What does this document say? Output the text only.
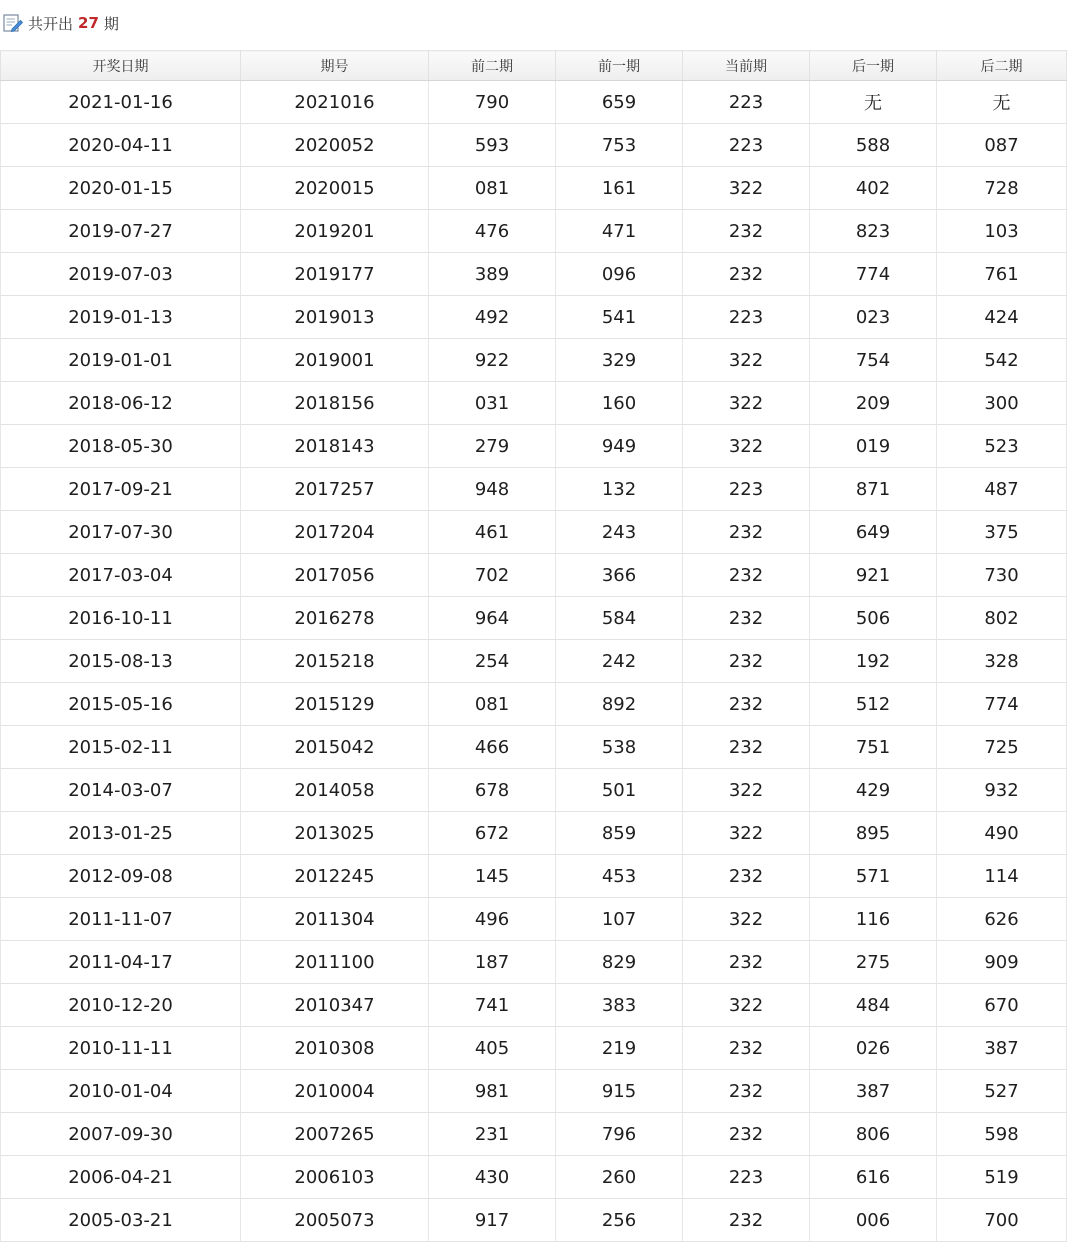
共开出 27 期
开奖日期	期号	前二期	前一期	当前期	后一期	后二期
2021-01-16	2021016	790	659	223	无	无
2020-04-11	2020052	593	753	223	588	087
2020-01-15	2020015	081	161	322	402	728
2019-07-27	2019201	476	471	232	823	103
2019-07-03	2019177	389	096	232	774	761
2019-01-13	2019013	492	541	223	023	424
2019-01-01	2019001	922	329	322	754	542
2018-06-12	2018156	031	160	322	209	300
2018-05-30	2018143	279	949	322	019	523
2017-09-21	2017257	948	132	223	871	487
2017-07-30	2017204	461	243	232	649	375
2017-03-04	2017056	702	366	232	921	730
2016-10-11	2016278	964	584	232	506	802
2015-08-13	2015218	254	242	232	192	328
2015-05-16	2015129	081	892	232	512	774
2015-02-11	2015042	466	538	232	751	725
2014-03-07	2014058	678	501	322	429	932
2013-01-25	2013025	672	859	322	895	490
2012-09-08	2012245	145	453	232	571	114
2011-11-07	2011304	496	107	322	116	626
2011-04-17	2011100	187	829	232	275	909
2010-12-20	2010347	741	383	322	484	670
2010-11-11	2010308	405	219	232	026	387
2010-01-04	2010004	981	915	232	387	527
2007-09-30	2007265	231	796	232	806	598
2006-04-21	2006103	430	260	223	616	519
2005-03-21	2005073	917	256	232	006	700
